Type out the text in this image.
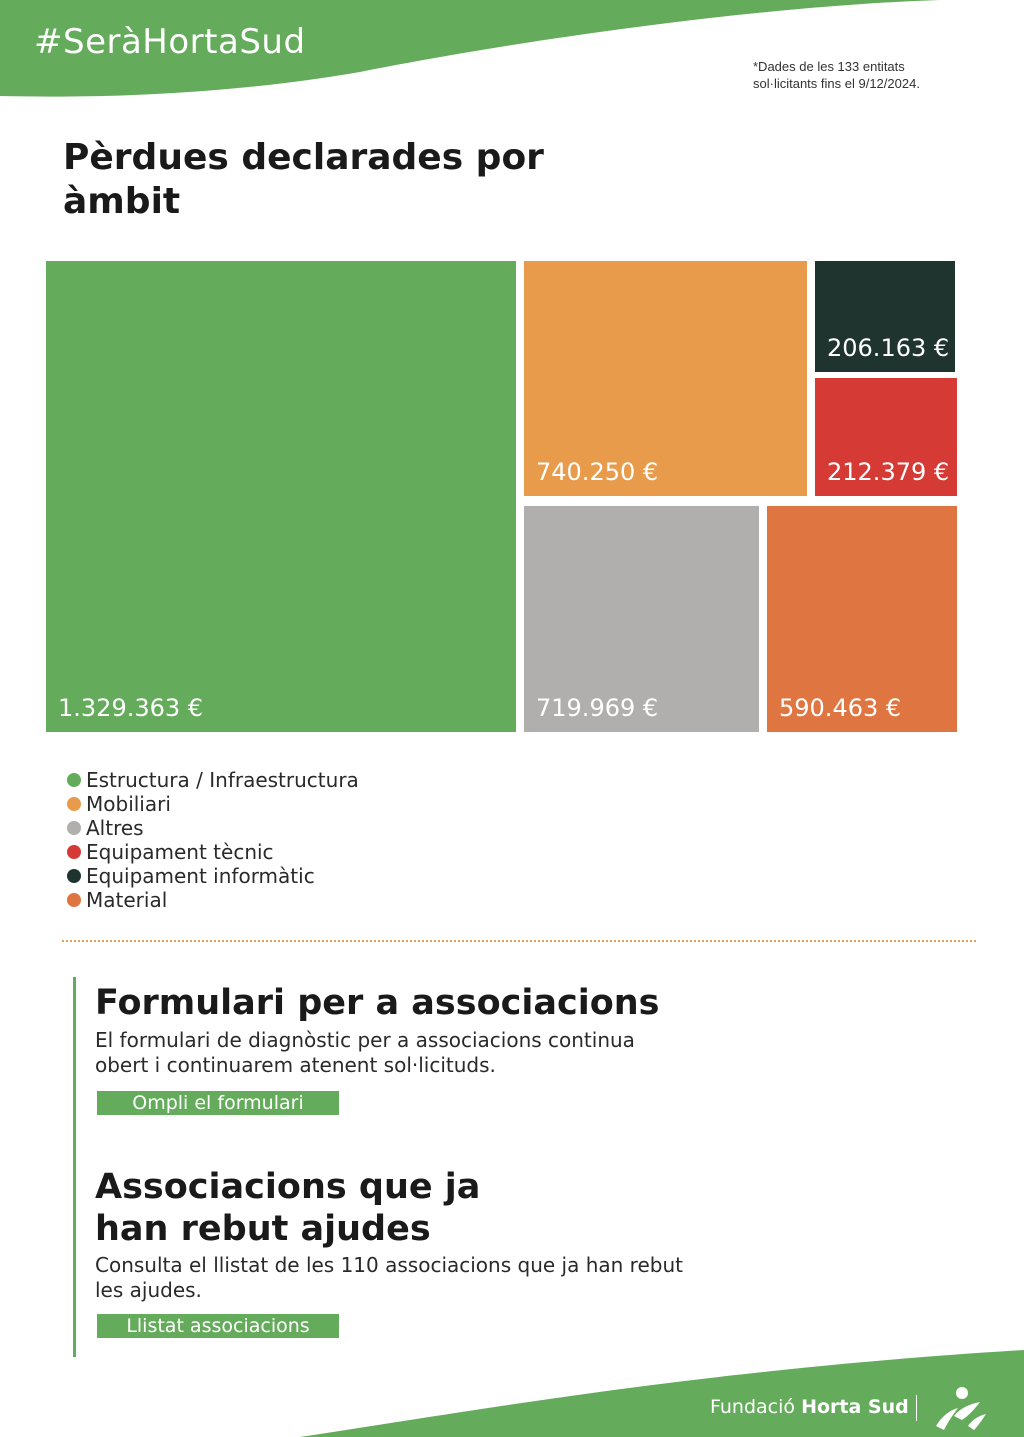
#SeràHortaSud
*Dades de les 133 entitats
sol·licitants fins el 9/12/2024.
Pèrdues declarades por
àmbit
1.329.363 €
740.250 €
719.969 €
212.379 €
206.163 €
590.463 €
Estructura / Infraestructura
Mobiliari
Altres
Equipament tècnic
Equipament informàtic
Material
Formulari per a associacions

El formulari de diagnòstic per a associacions continua
obert i continuarem atenent sol·licituds.

Ompli el formulari
Associacions que ja
han rebut ajudes

Consulta el llistat de les 110 associacions que ja han rebut
les ajudes.

Llistat associacions
Fundació Horta Sud
